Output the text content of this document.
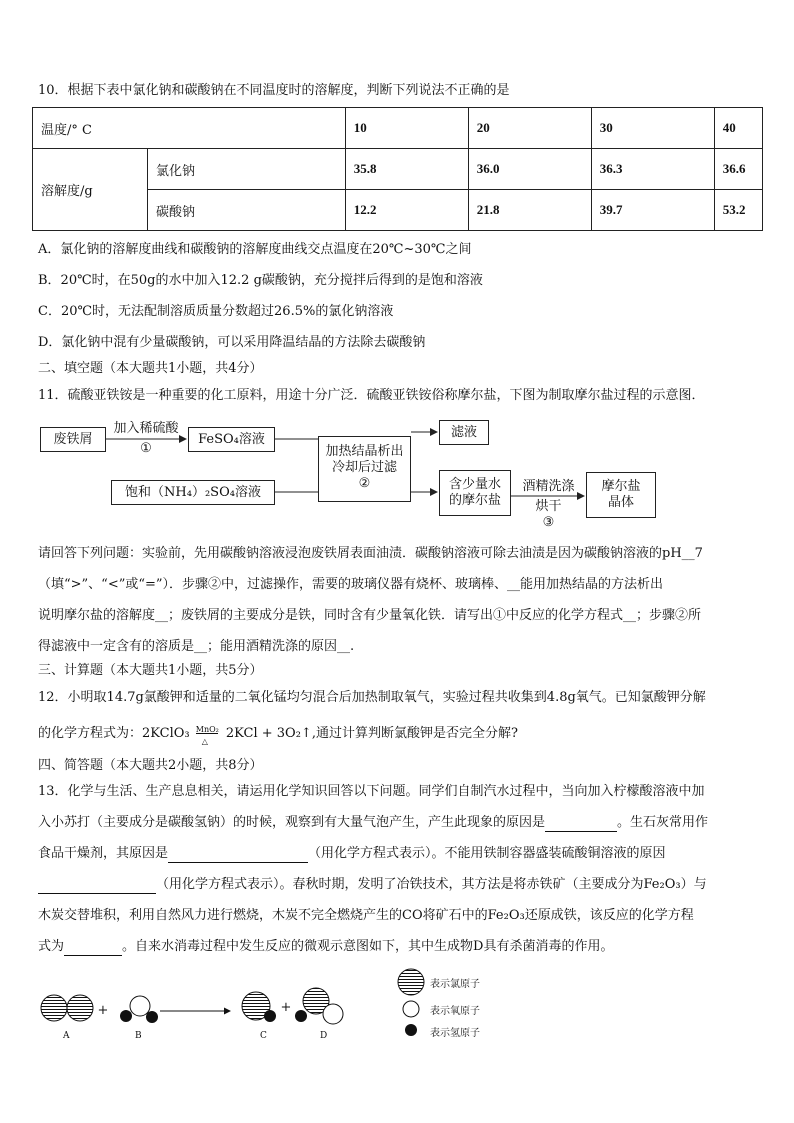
10．根据下表中氯化钠和碳酸钠在不同温度时的溶解度，判断下列说法不正确的是
温度/° C		10	20	30	40
溶解度/g	氯化钠	35.8	36.0	36.3	36.6
	碳酸钠	12.2	21.8	39.7	53.2
A．氯化钠的溶解度曲线和碳酸钠的溶解度曲线交点温度在20℃~30℃之间
B．20℃时，在50g的水中加入12.2 g碳酸钠，充分搅拌后得到的是饱和溶液
C．20℃时，无法配制溶质质量分数超过26.5%的氯化钠溶液
D．氯化钠中混有少量碳酸钠，可以采用降温结晶的方法除去碳酸钠
二、填空题（本大题共1小题，共4分）
11．硫酸亚铁铵是一种重要的化工原料，用途十分广泛．硫酸亚铁铵俗称摩尔盐，下图为制取摩尔盐过程的示意图．
废铁屑
加入稀硫酸
①
FeSO₄溶液
饱和（NH₄）₂SO₄溶液
加热结晶析出
冷却后过滤
②
滤液
含少量水
的摩尔盐
酒精洗涤
烘干
③
摩尔盐
晶体
请回答下列问题：实验前，先用碳酸钠溶液浸泡废铁屑表面油渍．碳酸钠溶液可除去油渍是因为碳酸钠溶液的pH__7
（填“>”、“<”或“=”）．步骤②中，过滤操作，需要的玻璃仪器有烧杯、玻璃棒、__能用加热结晶的方法析出
说明摩尔盐的溶解度__；废铁屑的主要成分是铁，同时含有少量氧化铁．请写出①中反应的化学方程式__；步骤②所
得滤液中一定含有的溶质是__；能用酒精洗涤的原因__.
三、计算题（本大题共1小题，共5分）
12．小明取14.7g氯酸钾和适量的二氧化锰均匀混合后加热制取氧气，实验过程共收集到4.8g氧气。已知氯酸钾分解
的化学方程式为：2KClO₃ MnO₂
△ 2KCl + 3O₂↑,通过计算判断氯酸钾是否完全分解?
四、简答题（本大题共2小题，共8分）
13．化学与生活、生产息息相关，请运用化学知识回答以下问题。同学们自制汽水过程中，当向加入柠檬酸溶液中加
入小苏打（主要成分是碳酸氢钠）的时候，观察到有大量气泡产生，产生此现象的原因是	。生石灰常用作
食品干燥剂，其原因是	（用化学方程式表示）。不能用铁制容器盛装硫酸铜溶液的原因
（用化学方程式表示）。春秋时期，发明了冶铁技术，其方法是将赤铁矿（主要成分为Fe₂O₃）与
木炭交替堆积，利用自然风力进行燃烧，木炭不完全燃烧产生的CO将矿石中的Fe₂O₃还原成铁，该反应的化学方程
式为	。自来水消毒过程中发生反应的微观示意图如下，其中生成物D具有杀菌消毒的作用。
+	+
A	B	C	D
表示氯原子
表示氧原子
表示氢原子
